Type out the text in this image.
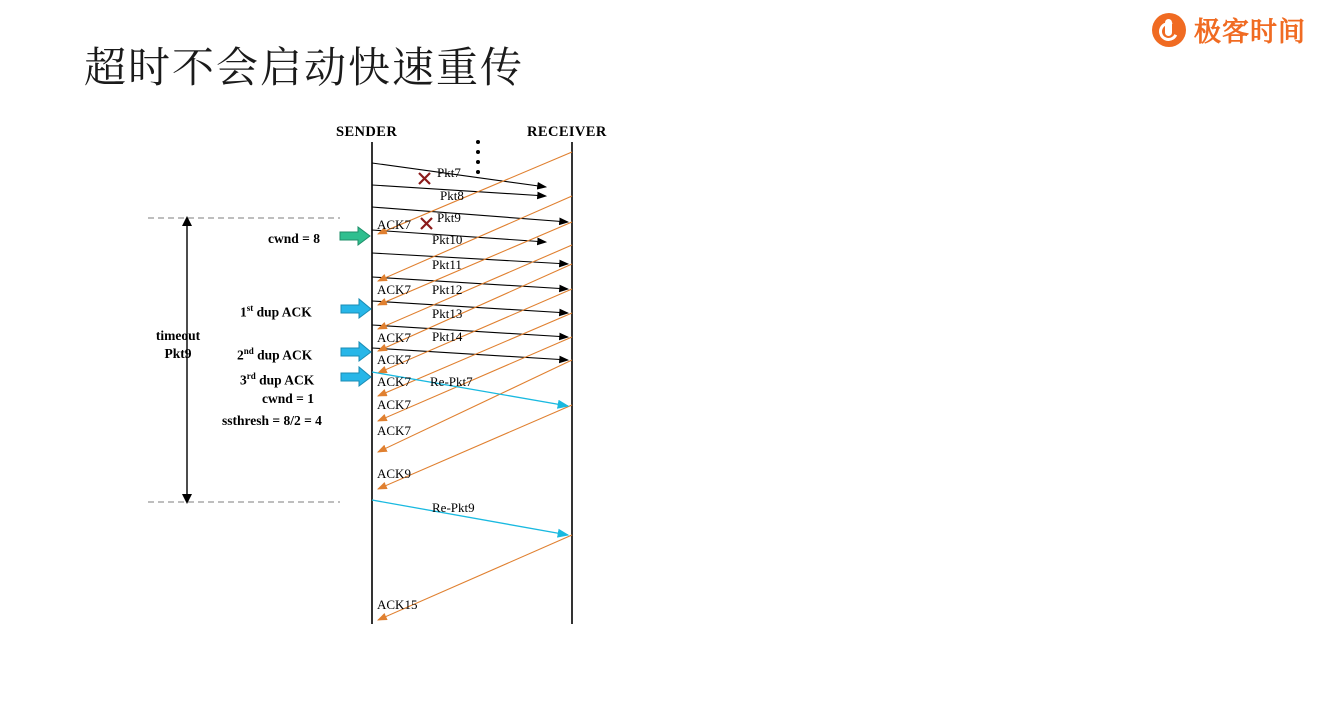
极客时间
超时不会启动快速重传
SENDER	RECEIVER
Pkt7
Pkt8
Pkt9
Pkt10
Pkt11
Pkt12
Pkt13
Pkt14
ACK7
ACK7
ACK7
ACK7
ACK7
ACK7
ACK7
ACK9
ACK15
Re-Pkt7
Re-Pkt9
cwnd = 8
1st dup ACK
2nd dup ACK
3rd dup ACK
cwnd = 1
ssthresh = 8/2 = 4
timeout
Pkt9
